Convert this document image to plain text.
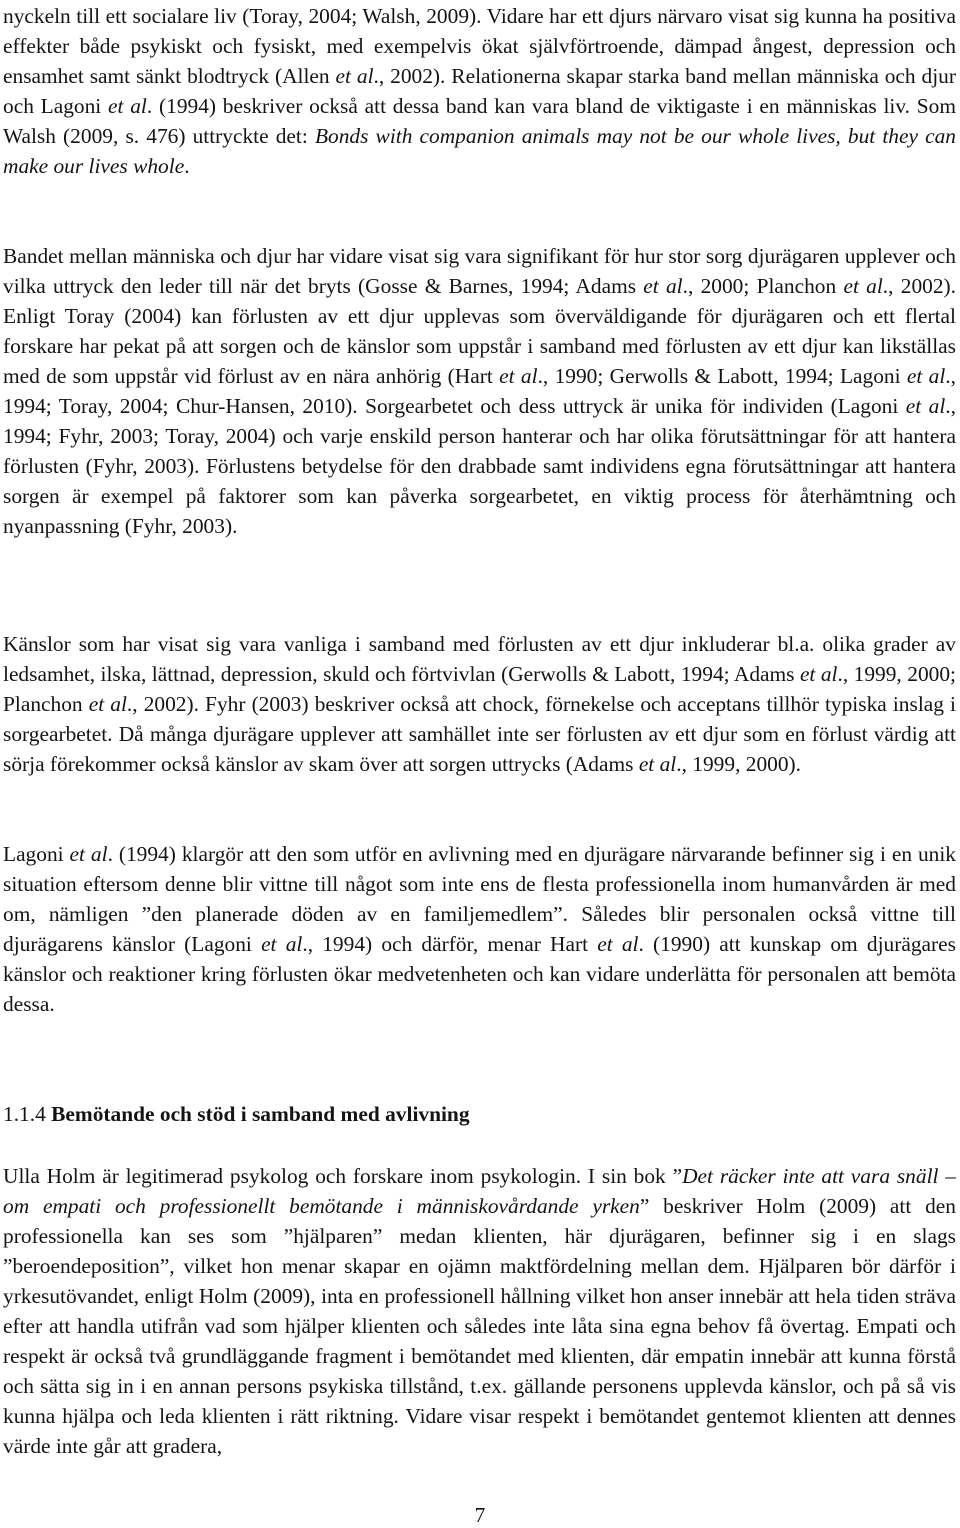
nyckeln till ett socialare liv (Toray, 2004; Walsh, 2009). Vidare har ett djurs närvaro visat sig kunna ha positiva effekter både psykiskt och fysiskt, med exempelvis ökat självförtroende, dämpad ångest, depression och ensamhet samt sänkt blodtryck (Allen et al., 2002). Relationerna skapar starka band mellan människa och djur och Lagoni et al. (1994) beskriver också att dessa band kan vara bland de viktigaste i en människas liv. Som Walsh (2009, s. 476) uttryckte det: Bonds with companion animals may not be our whole lives, but they can make our lives whole.

Bandet mellan människa och djur har vidare visat sig vara signifikant för hur stor sorg djurägaren upplever och vilka uttryck den leder till när det bryts (Gosse & Barnes, 1994; Adams et al., 2000; Planchon et al., 2002). Enligt Toray (2004) kan förlusten av ett djur upplevas som överväldigande för djurägaren och ett flertal forskare har pekat på att sorgen och de känslor som uppstår i samband med förlusten av ett djur kan likställas med de som uppstår vid förlust av en nära anhörig (Hart et al., 1990; Gerwolls & Labott, 1994; Lagoni et al., 1994; Toray, 2004; Chur-Hansen, 2010). Sorgearbetet och dess uttryck är unika för individen (Lagoni et al., 1994; Fyhr, 2003; Toray, 2004) och varje enskild person hanterar och har olika förutsättningar för att hantera förlusten (Fyhr, 2003). Förlustens betydelse för den drabbade samt individens egna förutsättningar att hantera sorgen är exempel på faktorer som kan påverka sorgearbetet, en viktig process för återhämtning och nyanpassning (Fyhr, 2003).

Känslor som har visat sig vara vanliga i samband med förlusten av ett djur inkluderar bl.a. olika grader av ledsamhet, ilska, lättnad, depression, skuld och förtvivlan (Gerwolls & Labott, 1994; Adams et al., 1999, 2000; Planchon et al., 2002). Fyhr (2003) beskriver också att chock, förnekelse och acceptans tillhör typiska inslag i sorgearbetet. Då många djurägare upplever att samhället inte ser förlusten av ett djur som en förlust värdig att sörja förekommer också känslor av skam över att sorgen uttrycks (Adams et al., 1999, 2000).

Lagoni et al. (1994) klargör att den som utför en avlivning med en djurägare närvarande befinner sig i en unik situation eftersom denne blir vittne till något som inte ens de flesta professionella inom humanvården är med om, nämligen ”den planerade döden av en familjemedlem”. Således blir personalen också vittne till djurägarens känslor (Lagoni et al., 1994) och därför, menar Hart et al. (1990) att kunskap om djurägares känslor och reaktioner kring förlusten ökar medvetenheten och kan vidare underlätta för personalen att bemöta dessa.

1.1.4 Bemötande och stöd i samband med avlivning

Ulla Holm är legitimerad psykolog och forskare inom psykologin. I sin bok ”Det räcker inte att vara snäll – om empati och professionellt bemötande i människovårdande yrken” beskriver Holm (2009) att den professionella kan ses som ”hjälparen” medan klienten, här djurägaren, befinner sig i en slags ”beroendeposition”, vilket hon menar skapar en ojämn maktfördelning mellan dem. Hjälparen bör därför i yrkesutövandet, enligt Holm (2009), inta en professionell hållning vilket hon anser innebär att hela tiden sträva efter att handla utifrån vad som hjälper klienten och således inte låta sina egna behov få övertag. Empati och respekt är också två grundläggande fragment i bemötandet med klienten, där empatin innebär att kunna förstå och sätta sig in i en annan persons psykiska tillstånd, t.ex. gällande personens upplevda känslor, och på så vis kunna hjälpa och leda klienten i rätt riktning. Vidare visar respekt i bemötandet gentemot klienten att dennes värde inte går att gradera,

7
